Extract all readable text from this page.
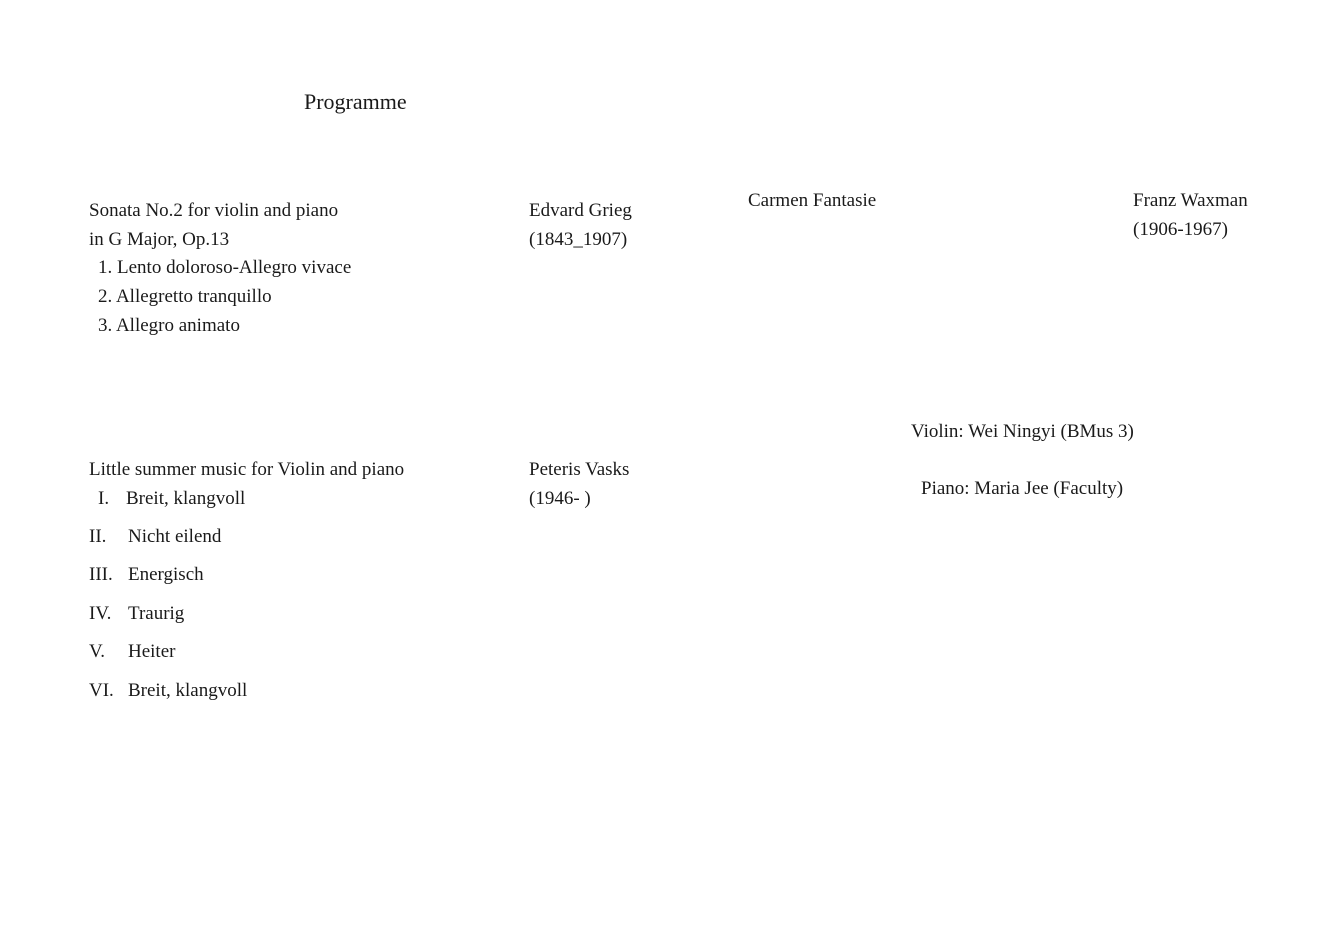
Programme
Sonata No.2 for violin and piano
in G Major, Op.13
1. Lento doloroso-Allegro vivace
2. Allegretto tranquillo
3. Allegro animato
Edvard Grieg
(1843_1907)
Carmen Fantasie	Franz Waxman
(1906-1967)
Violin: Wei Ningyi (BMus 3)
Piano: Maria Jee (Faculty)
Little summer music for Violin and piano	Peteris Vasks
(1946- )
I. Breit, klangvoll
II. Nicht eilend
III. Energisch
IV. Traurig
V. Heiter
VI. Breit, klangvoll
